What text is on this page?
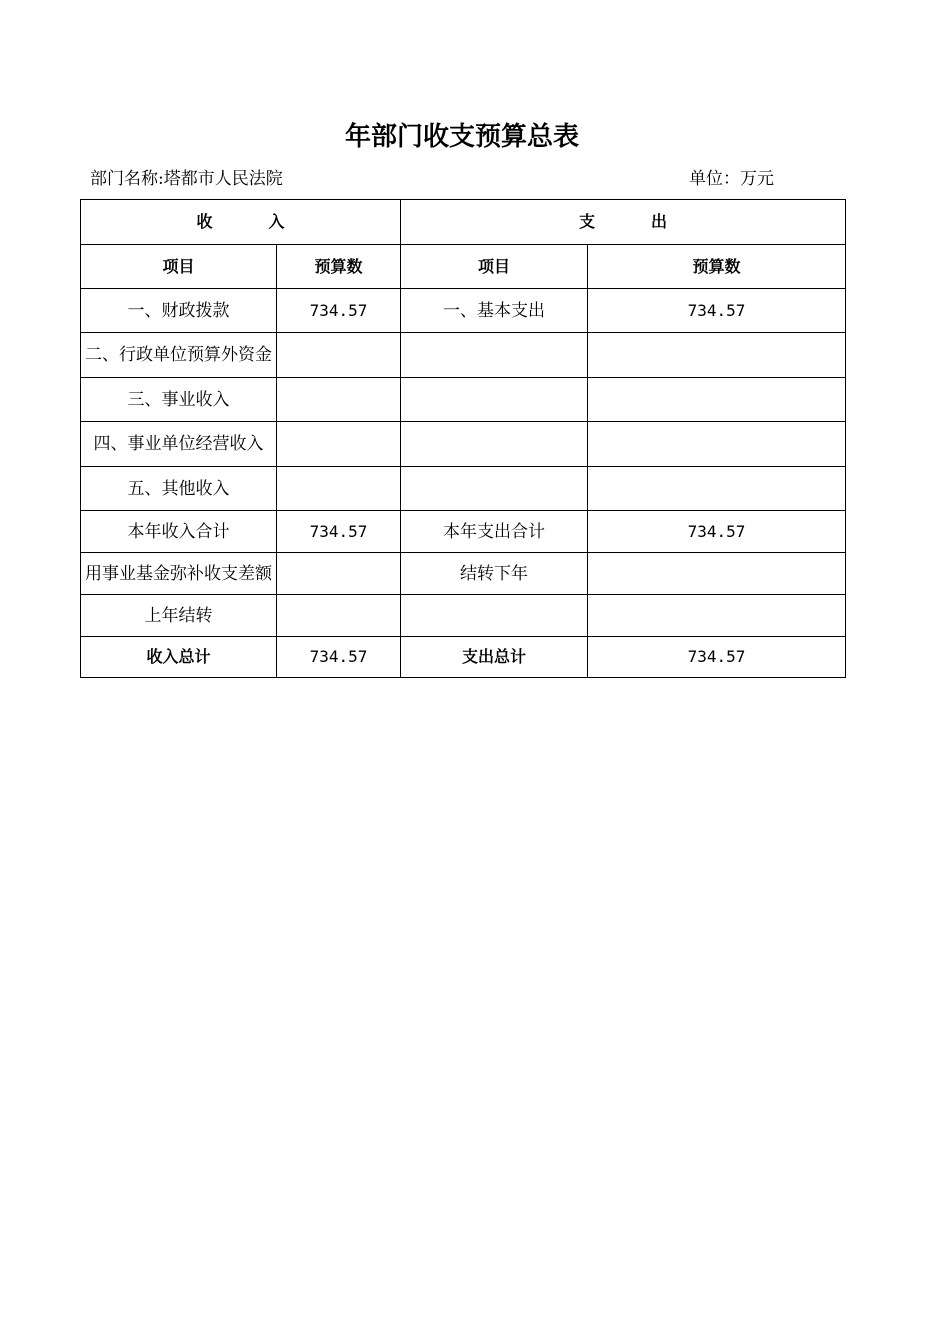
年部门收支预算总表
部门名称:塔都市人民法院	单位：万元
收 入		支 出	
项目	预算数	项目	预算数
一、财政拨款	734.57	一、基本支出	734.57
二、行政单位预算外资金			
三、事业收入			
四、事业单位经营收入			
五、其他收入			
本年收入合计	734.57	本年支出合计	734.57
用事业基金弥补收支差额		结转下年	
上年结转			
收入总计	734.57	支出总计	734.57
